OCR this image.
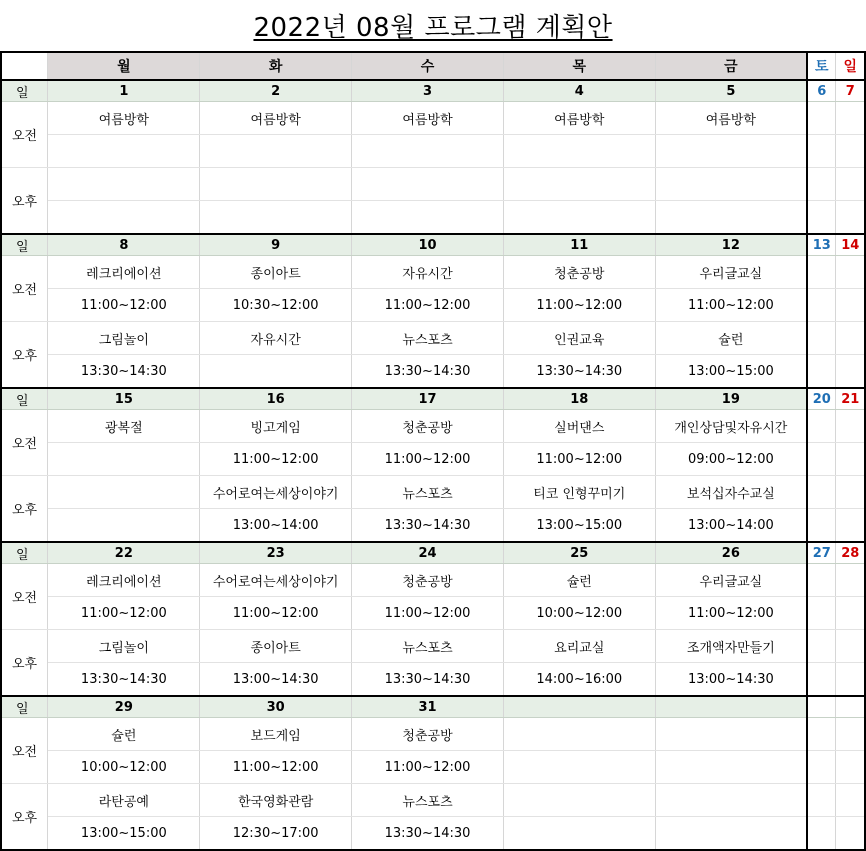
2022년 08월 프로그램 계획안
	월	화	수	목	금	토	일
일	1	2	3	4	5	6	7
오전	여름방학	여름방학	여름방학	여름방학	여름방학		

오후							

일	8	9	10	11	12	13	14
오전	레크리에이션	종이아트	자유시간	청춘공방	우리글교실		
	11:00~12:00	10:30~12:00	11:00~12:00	11:00~12:00	11:00~12:00		
오후	그림놀이	자유시간	뉴스포츠	인권교육	슐런		
	13:30~14:30		13:30~14:30	13:30~14:30	13:00~15:00		
일	15	16	17	18	19	20	21
오전	광복절	빙고게임	청춘공방	실버댄스	개인상담및자유시간		
		11:00~12:00	11:00~12:00	11:00~12:00	09:00~12:00		
오후		수어로여는세상이야기	뉴스포츠	티코 인형꾸미기	보석십자수교실		
		13:00~14:00	13:30~14:30	13:00~15:00	13:00~14:00		
일	22	23	24	25	26	27	28
오전	레크리에이션	수어로여는세상이야기	청춘공방	슐런	우리글교실		
	11:00~12:00	11:00~12:00	11:00~12:00	10:00~12:00	11:00~12:00		
오후	그림놀이	종이아트	뉴스포츠	요리교실	조개액자만들기		
	13:30~14:30	13:00~14:30	13:30~14:30	14:00~16:00	13:00~14:30		
일	29	30	31				
오전	슐런	보드게임	청춘공방				
	10:00~12:00	11:00~12:00	11:00~12:00				
오후	라탄공예	한국영화관람	뉴스포츠				
	13:00~15:00	12:30~17:00	13:30~14:30				
